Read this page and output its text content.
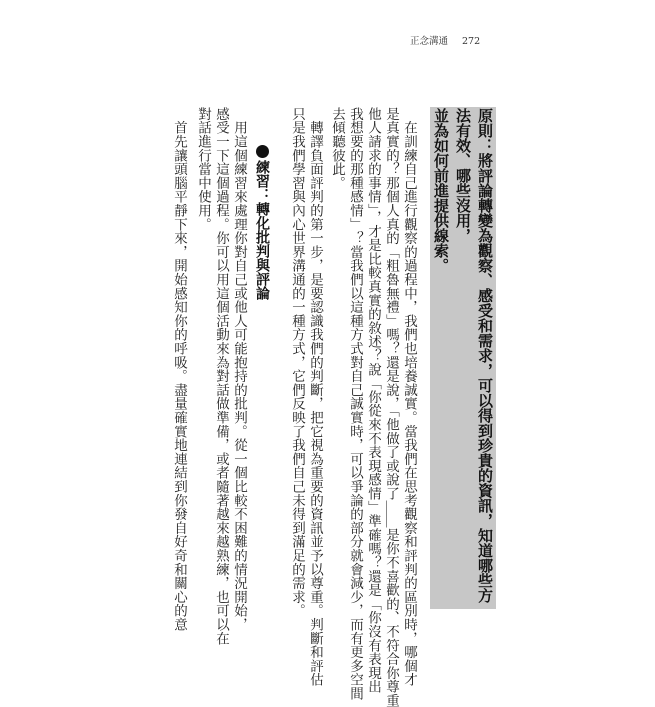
正念溝通 272
原則：將評論轉變為觀察、感受和需求，可以得到珍貴的資訊，知道哪些方法有效、哪些沒用，
並為如何前進提供線索。
　在訓練自己進行觀察的過程中，我們也培養誠實。當我們在思考觀察和評判的區別時，哪個才
是真實的？那個人真的「粗魯無禮」嗎？還是說，「他做了或說了＿＿是你不喜歡的、不符合你尊重
他人請求的事情」，才是比較真實的敘述？說「你從來不表現感情」準確嗎？還是「你沒有表現出
我想要的那種感情」？當我們以這種方式對自己誠實時，可以爭論的部分就會減少，而有更多空間
去傾聽彼此。
　轉譯負面評判的第一步，是要認識我們的判斷，把它視為重要的資訊並予以尊重。判斷和評估
只是我們學習與內心世界溝通的一種方式，它們反映了我們自己未得到滿足的需求。
練習：轉化批判與評論
　用這個練習來處理你對自己或他人可能抱持的批判。從一個比較不困難的情況開始，
感受一下這個過程。你可以用這個活動來為對話做準備，或者隨著越來越熟練，也可以在
對話進行當中使用。
　首先讓頭腦平靜下來，開始感知你的呼吸。盡量確實地連結到你發自好奇和關心的意
